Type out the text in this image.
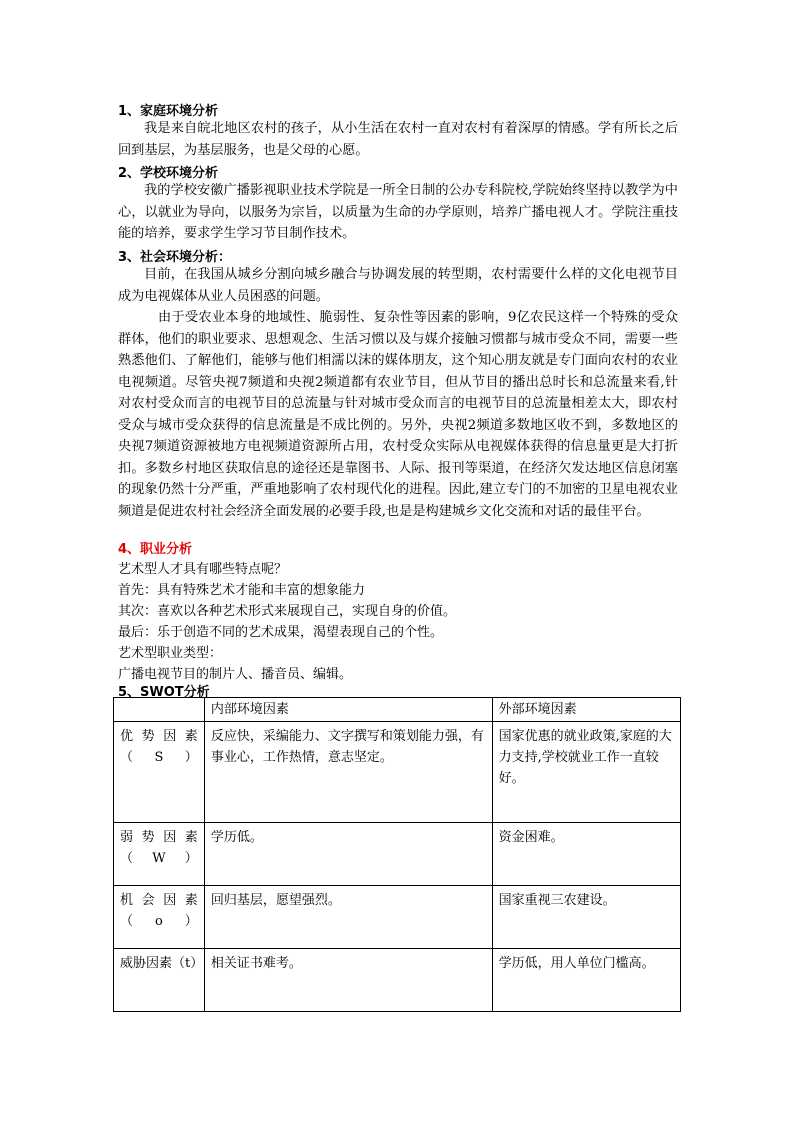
1、家庭环境分析

我是来自皖北地区农村的孩子，从小生活在农村一直对农村有着深厚的情感。学有所长之后回到基层，为基层服务，也是父母的心愿。

2、学校环境分析

我的学校安徽广播影视职业技术学院是一所全日制的公办专科院校,学院始终坚持以教学为中心，以就业为导向，以服务为宗旨，以质量为生命的办学原则，培养广播电视人才。学院注重技能的培养，要求学生学习节目制作技术。

3、社会环境分析：

目前，在我国从城乡分割向城乡融合与协调发展的转型期，农村需要什么样的文化电视节目成为电视媒体从业人员困惑的问题。

由于受农业本身的地域性、脆弱性、复杂性等因素的影响，9亿农民这样一个特殊的受众群体，他们的职业要求、思想观念、生活习惯以及与媒介接触习惯都与城市受众不同，需要一些熟悉他们、了解他们，能够与他们相濡以沫的媒体朋友，这个知心朋友就是专门面向农村的农业电视频道。尽管央视7频道和央视2频道都有农业节目，但从节目的播出总时长和总流量来看,针对农村受众而言的电视节目的总流量与针对城市受众而言的电视节目的总流量相差太大，即农村受众与城市受众获得的信息流量是不成比例的。另外，央视2频道多数地区收不到，多数地区的央视7频道资源被地方电视频道资源所占用，农村受众实际从电视媒体获得的信息量更是大打折扣。多数乡村地区获取信息的途径还是靠图书、人际、报刊等渠道，在经济欠发达地区信息闭塞的现象仍然十分严重，严重地影响了农村现代化的进程。因此,建立专门的不加密的卫星电视农业频道是促进农村社会经济全面发展的必要手段,也是是构建城乡文化交流和对话的最佳平台。

4、职业分析
艺术型人才具有哪些特点呢？
首先：具有特殊艺术才能和丰富的想象能力
其次：喜欢以各种艺术形式来展现自己，实现自身的价值。
最后：乐于创造不同的艺术成果，渴望表现自己的个性。
艺术型职业类型：
广播电视节目的制片人、播音员、编辑。
5、SWOT分析
	内部环境因素	外部环境因素
优势因素（S）	反应快，采编能力、文字撰写和策划能力强，有事业心，工作热情，意志坚定。	国家优惠的就业政策,家庭的大力支持,学校就业工作一直较好。
弱势因素（W）	学历低。	资金困难。
机会因素（o）	回归基层，愿望强烈。	国家重视三农建设。
威胁因素（t）	相关证书难考。	学历低，用人单位门槛高。
